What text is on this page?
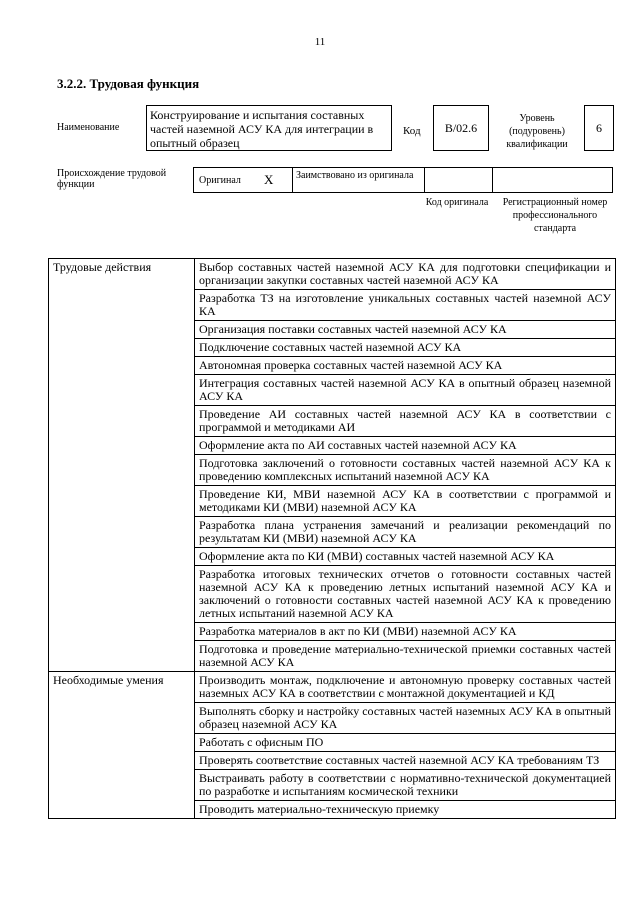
11
3.2.2. Трудовая функция
Наименование
Конструирование и испытания составных частей наземной АСУ КА для интеграции в опытный образец
Код	В/02.6
Уровень (подуровень) квалификации
6
Происхождение трудовой функции	Оригинал X	Заимствовано из оригинала
Код оригинала	Регистрационный номер профессионального стандарта
Трудовые действия	Выбор составных частей наземной АСУ КА для подготовки спецификации и организации закупки составных частей наземной АСУ КА
	Разработка ТЗ на изготовление уникальных составных частей наземной АСУ КА
	Организация поставки составных частей наземной АСУ КА
	Подключение составных частей наземной АСУ КА
	Автономная проверка составных частей наземной АСУ КА
	Интеграция составных частей наземной АСУ КА в опытный образец наземной АСУ КА
	Проведение АИ составных частей наземной АСУ КА в соответствии с программой и методиками АИ
	Оформление акта по АИ составных частей наземной АСУ КА
	Подготовка заключений о готовности составных частей наземной АСУ КА к проведению комплексных испытаний наземной АСУ КА
	Проведение КИ, МВИ наземной АСУ КА в соответствии с программой и методиками КИ (МВИ) наземной АСУ КА
	Разработка плана устранения замечаний и реализации рекомендаций по результатам КИ (МВИ) наземной АСУ КА
	Оформление акта по КИ (МВИ) составных частей наземной АСУ КА
	Разработка итоговых технических отчетов о готовности составных частей наземной АСУ КА к проведению летных испытаний наземной АСУ КА и заключений о готовности составных частей наземной АСУ КА к проведению летных испытаний наземной АСУ КА
	Разработка материалов в акт по КИ (МВИ) наземной АСУ КА
	Подготовка и проведение материально-технической приемки составных частей наземной АСУ КА
Необходимые умения	Производить монтаж, подключение и автономную проверку составных частей наземных АСУ КА в соответствии с монтажной документацией и КД
	Выполнять сборку и настройку составных частей наземных АСУ КА в опытный образец наземной АСУ КА
	Работать с офисным ПО
	Проверять соответствие составных частей наземной АСУ КА требованиям ТЗ
	Выстраивать работу в соответствии с нормативно-технической документацией по разработке и испытаниям космической техники
	Проводить материально-техническую приемку
